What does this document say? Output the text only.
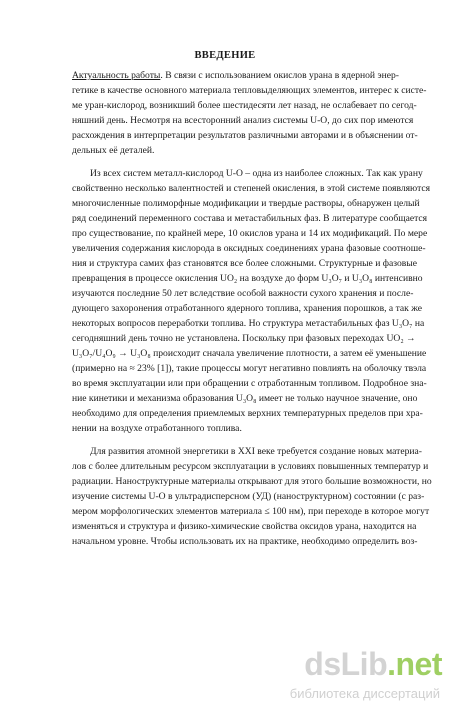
ВВЕДЕНИЕ
Актуальность работы. В связи с использованием окислов урана в ядерной энер-
гетике в качестве основного материала тепловыделяющих элементов, интерес к систе-
ме уран-кислород, возникший более шестидесяти лет назад, не ослабевает по сегод-
няшний день. Несмотря на всесторонний анализ системы U-O, до сих пор имеются
расхождения в интерпретации результатов различными авторами и в объяснении от-
дельных её деталей.
Из всех систем металл-кислород U-O – одна из наиболее сложных. Так как урану
свойственно несколько валентностей и степеней окисления, в этой системе появляются
многочисленные полиморфные модификации и твердые растворы, обнаружен целый
ряд соединений переменного состава и метастабильных фаз. В литературе сообщается
про существование, по крайней мере, 10 окислов урана и 14 их модификаций. По мере
увеличения содержания кислорода в оксидных соединениях урана фазовые соотноше-
ния и структура самих фаз становятся все более сложными. Структурные и фазовые
превращения в процессе окисления UO₂ на воздухе до форм U₃O₇ и U₃O₈ интенсивно
изучаются последние 50 лет вследствие особой важности сухого хранения и после-
дующего захоронения отработанного ядерного топлива, хранения порошков, а так же
некоторых вопросов переработки топлива. Но структура метастабильных фаз U₃O₇ на
сегодняшний день точно не установлена. Поскольку при фазовых переходах UO₂ →
U₃O₇/U₄O₉ → U₃O₈ происходит сначала увеличение плотности, а затем её уменьшение
(примерно на ≈ 23% [1]), такие процессы могут негативно повлиять на оболочку твэла
во время эксплуатации или при обращении с отработанным топливом. Подробное зна-
ние кинетики и механизма образования U₃O₈ имеет не только научное значение, оно
необходимо для определения приемлемых верхних температурных пределов при хра-
нении на воздухе отработанного топлива.
Для развития атомной энергетики в XXI веке требуется создание новых материа-
лов с более длительным ресурсом эксплуатации в условиях повышенных температур и
радиации. Наноструктурные материалы открывают для этого большие возможности, но
изучение системы U-O в ультрадисперсном (УД) (наноструктурном) состоянии (с раз-
мером морфологических элементов материала ≤ 100 нм), при переходе в которое могут
изменяться и структура и физико-химические свойства оксидов урана, находится на
начальном уровне. Чтобы использовать их на практике, необходимо определить воз-
dsLib.net
библиотека диссертаций
